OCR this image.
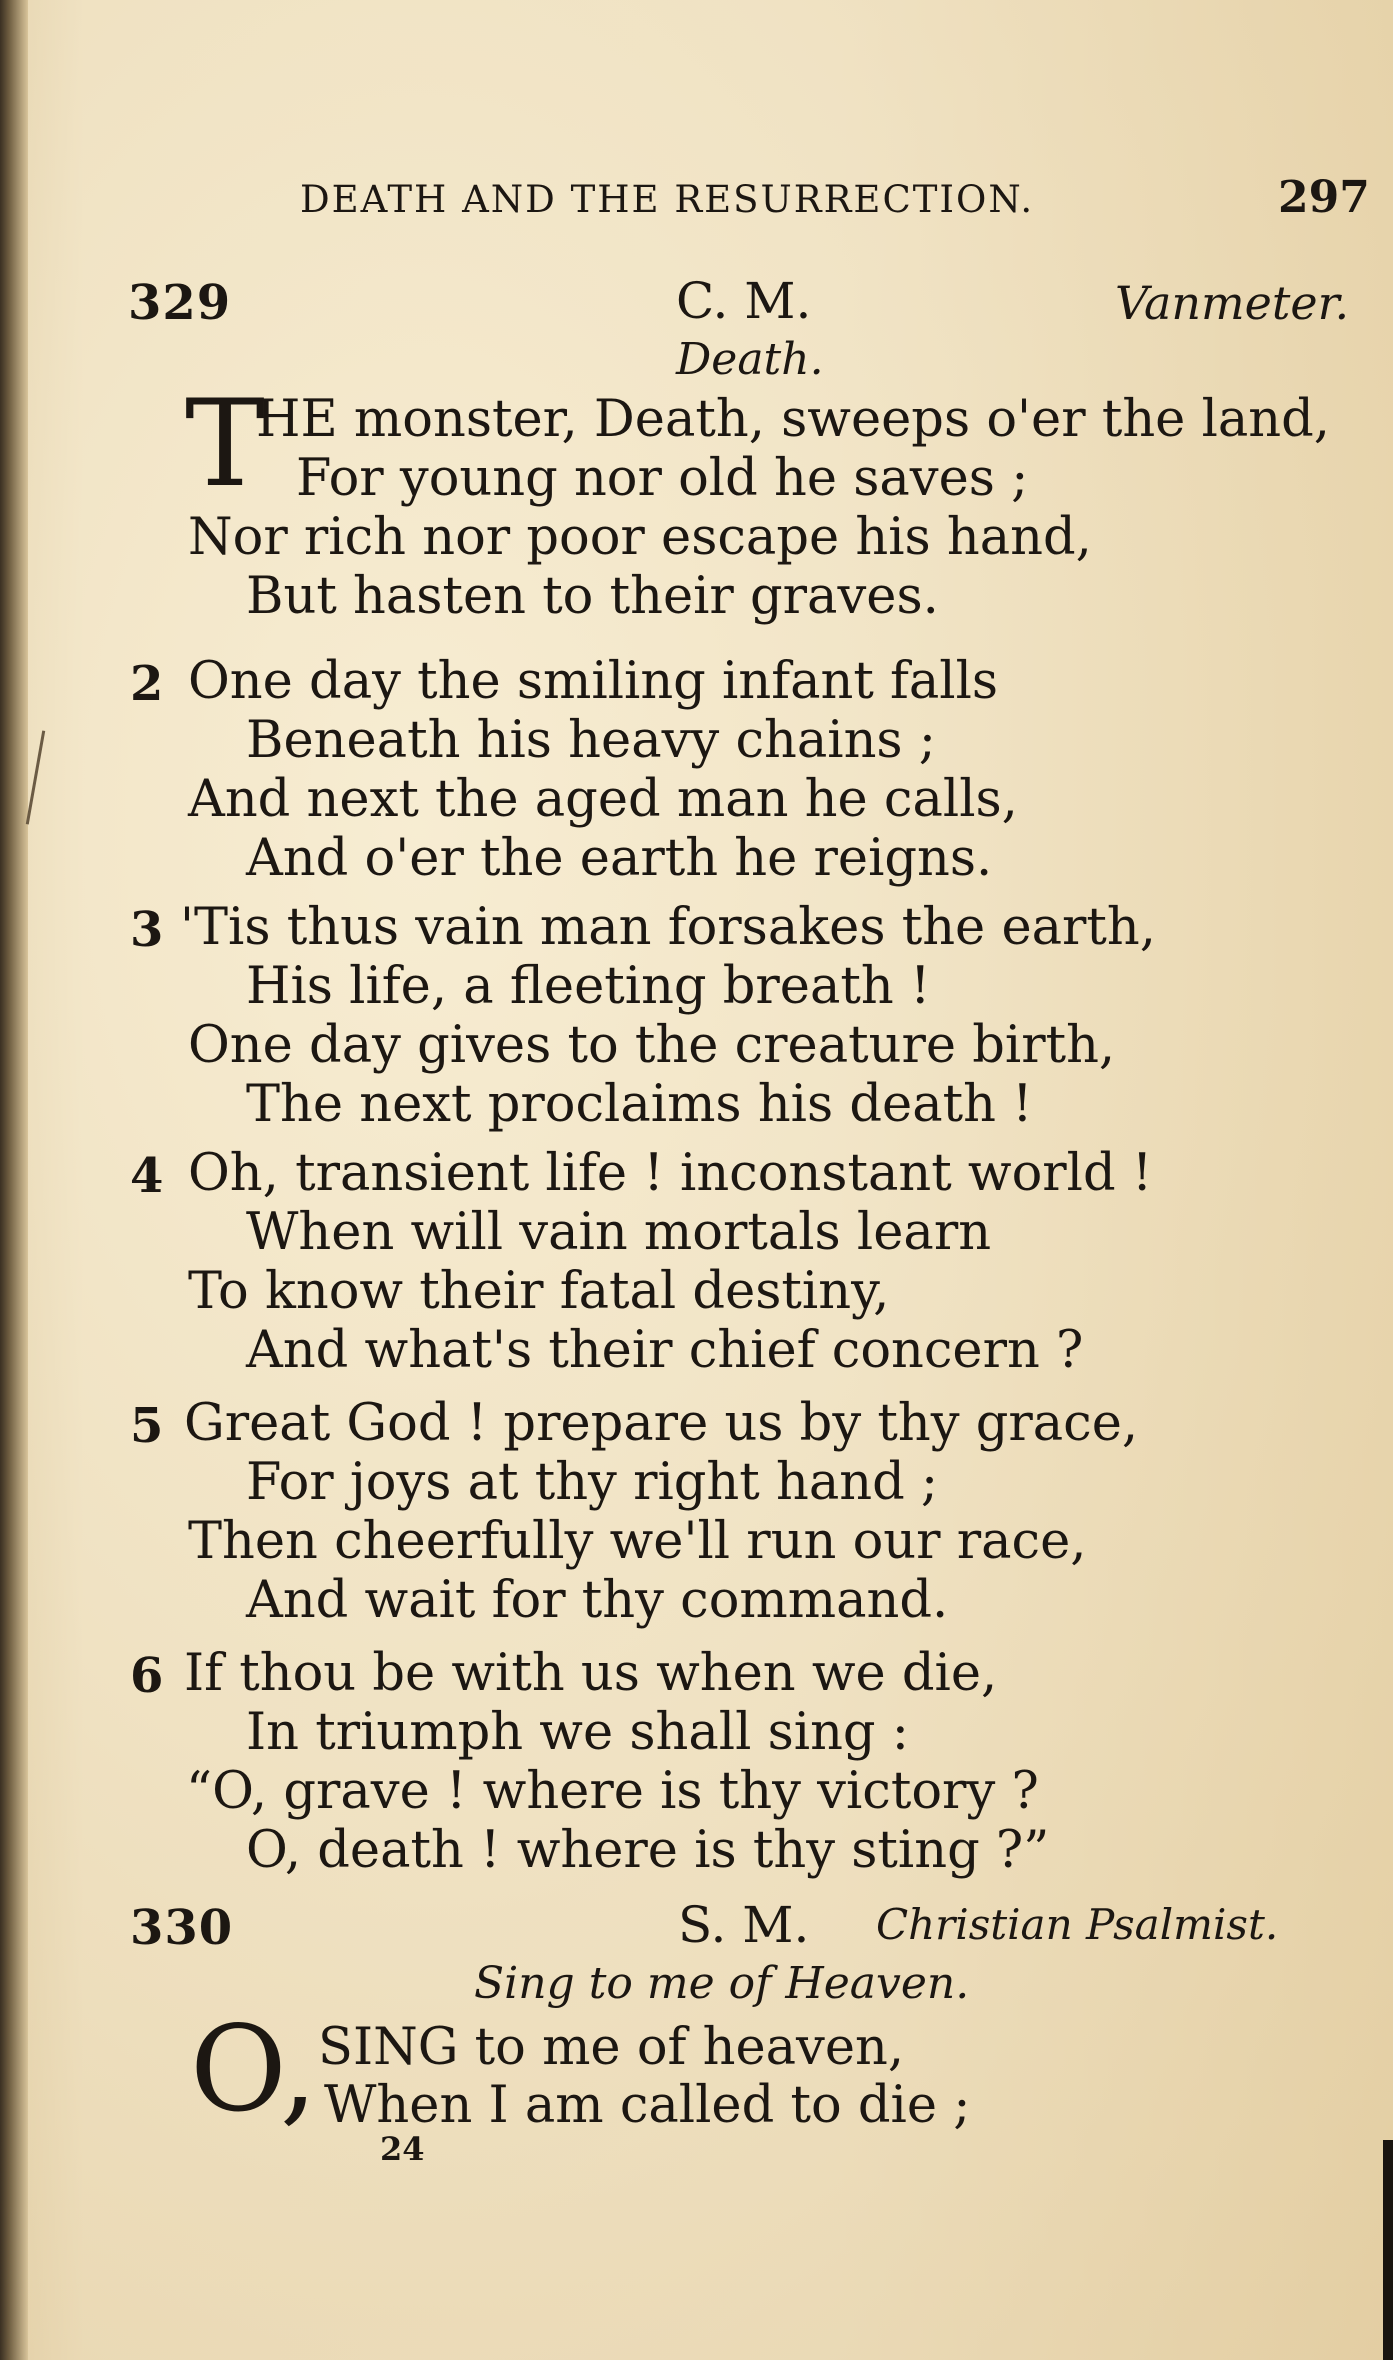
DEATH AND THE RESURRECTION.	297
329	C. M.	Vanmeter.
Death.
T
HE monster, Death, sweeps o'er the land,
For young nor old he saves ;
Nor rich nor poor escape his hand,
But hasten to their graves.
2 One day the smiling infant falls
Beneath his heavy chains ;
And next the aged man he calls,
And o'er the earth he reigns.
3 'Tis thus vain man forsakes the earth,
His life, a fleeting breath !
One day gives to the creature birth,
The next proclaims his death !
4 Oh, transient life ! inconstant world !
When will vain mortals learn
To know their fatal destiny,
And what's their chief concern ?
5 Great God ! prepare us by thy grace,
For joys at thy right hand ;
Then cheerfully we'll run our race,
And wait for thy command.
6 If thou be with us when we die,
In triumph we shall sing :
“O, grave ! where is thy victory ?
O, death ! where is thy sting ?”
330	S. M. Christian Psalmist.
Sing to me of Heaven.
O, SING to me of heaven,
When I am called to die ;
24
